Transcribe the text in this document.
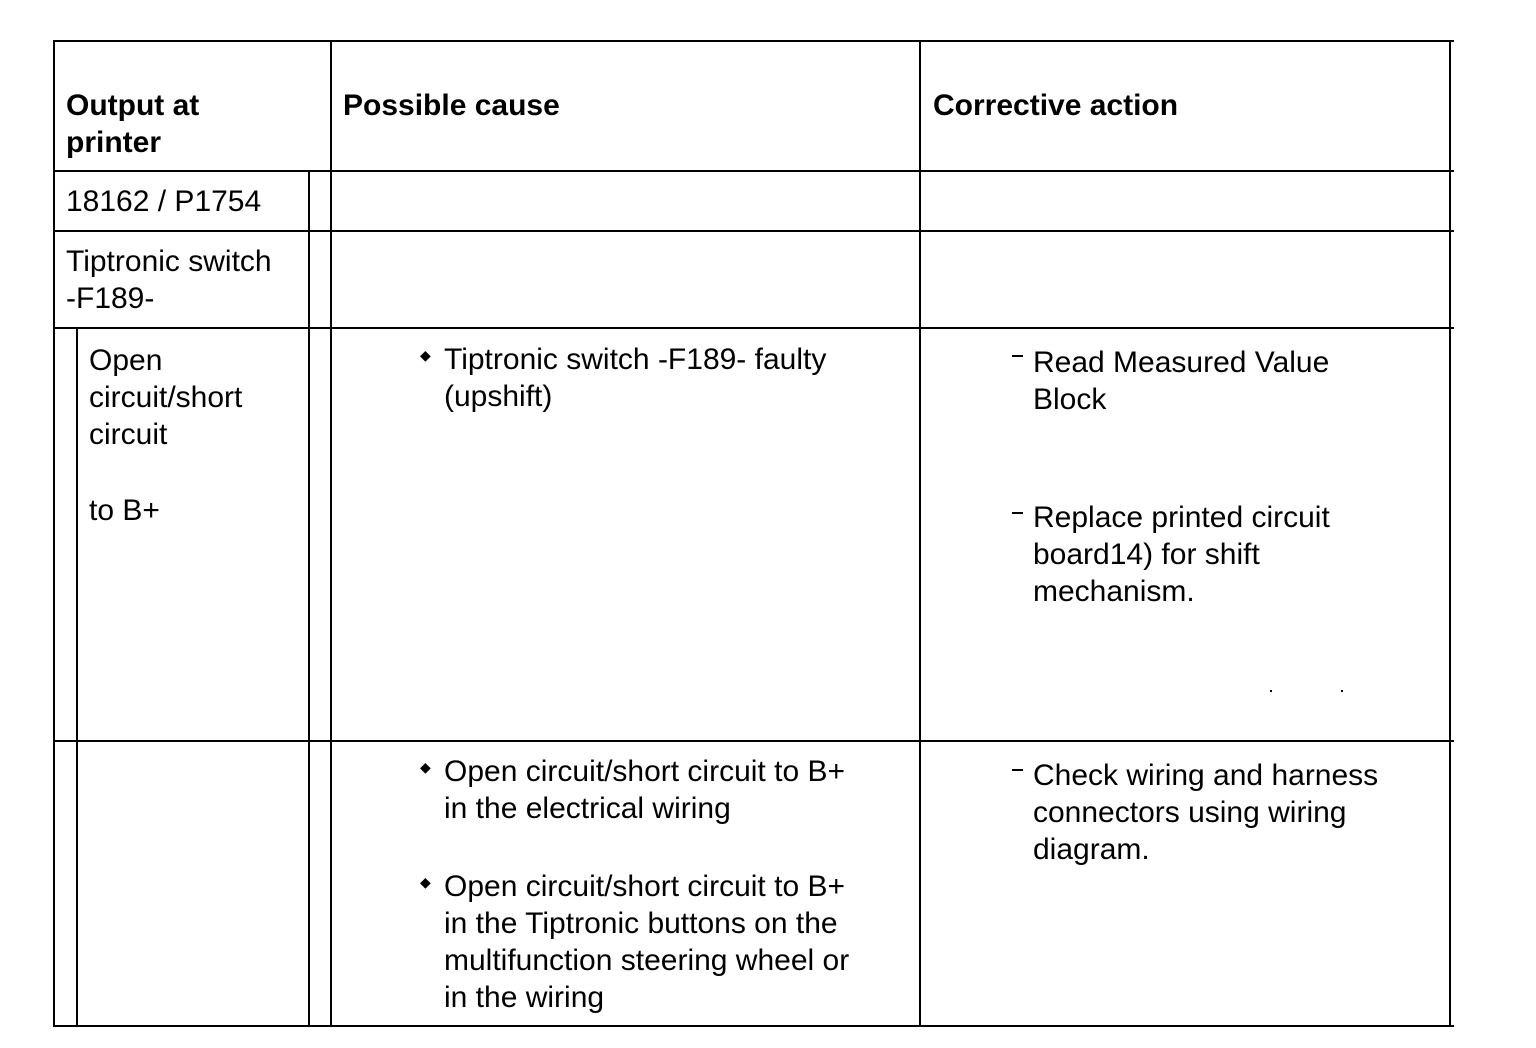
Output at
printer
Possible cause	Corrective action
18162 / P1754
Tiptronic switch
-F189-
Open
circuit/short
circuit
to B+
◆ Tiptronic switch -F189- faulty
(upshift)
◆ Open circuit/short circuit to B+
in the electrical wiring
◆ Open circuit/short circuit to B+
in the Tiptronic buttons on the
multifunction steering wheel or
in the wiring
Read Measured Value
Block
Replace printed circuit
board14) for shift
mechanism.
Check wiring and harness
connectors using wiring
diagram.
